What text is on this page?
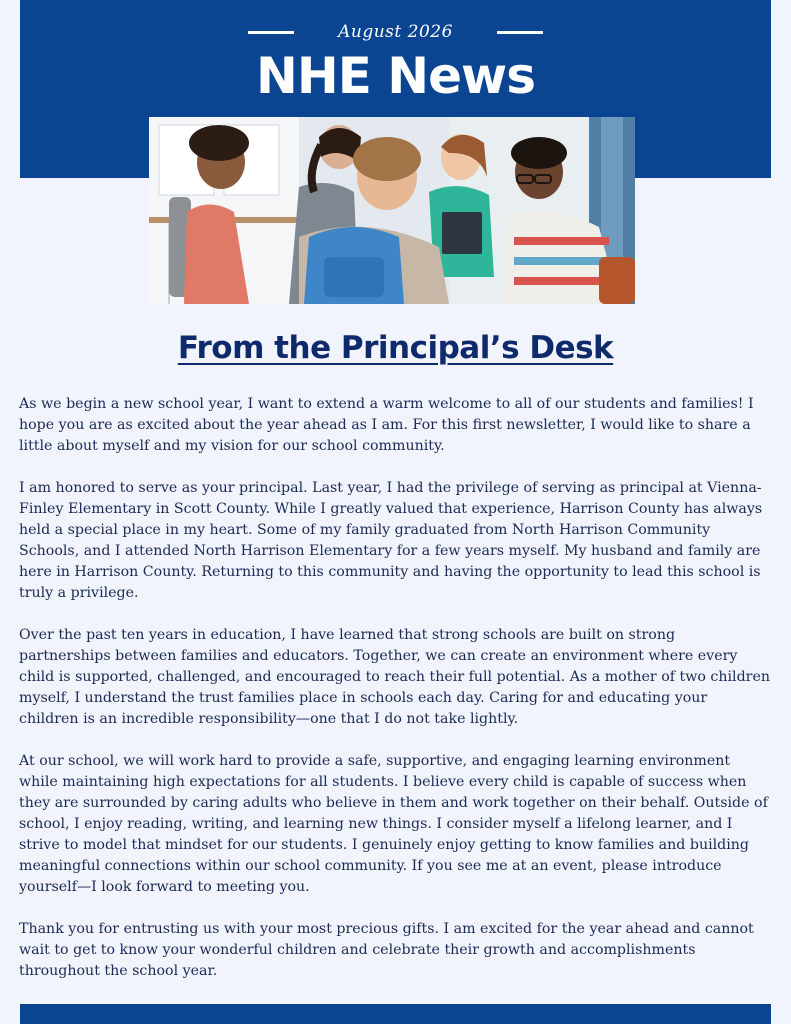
August 2026
NHE News
From the Principal’s Desk

As we begin a new school year, I want to extend a warm welcome to all of our students and families! I hope you are as excited about the year ahead as I am. For this first newsletter, I would like to share a little about myself and my vision for our school community.

I am honored to serve as your principal. Last year, I had the privilege of serving as principal at Vienna-Finley Elementary in Scott County. While I greatly valued that experience, Harrison County has always held a special place in my heart. Some of my family graduated from North Harrison Community Schools, and I attended North Harrison Elementary for a few years myself. My husband and family are here in Harrison County. Returning to this community and having the opportunity to lead this school is truly a privilege.

Over the past ten years in education, I have learned that strong schools are built on strong partnerships between families and educators. Together, we can create an environment where every child is supported, challenged, and encouraged to reach their full potential. As a mother of two children myself, I understand the trust families place in schools each day. Caring for and educating your children is an incredible responsibility—one that I do not take lightly.

At our school, we will work hard to provide a safe, supportive, and engaging learning environment while maintaining high expectations for all students. I believe every child is capable of success when they are surrounded by caring adults who believe in them and work together on their behalf. Outside of school, I enjoy reading, writing, and learning new things. I consider myself a lifelong learner, and I strive to model that mindset for our students. I genuinely enjoy getting to know families and building meaningful connections within our school community. If you see me at an event, please introduce yourself—I look forward to meeting you.

Thank you for entrusting us with your most precious gifts. I am excited for the year ahead and cannot wait to get to know your wonderful children and celebrate their growth and accomplishments throughout the school year.
